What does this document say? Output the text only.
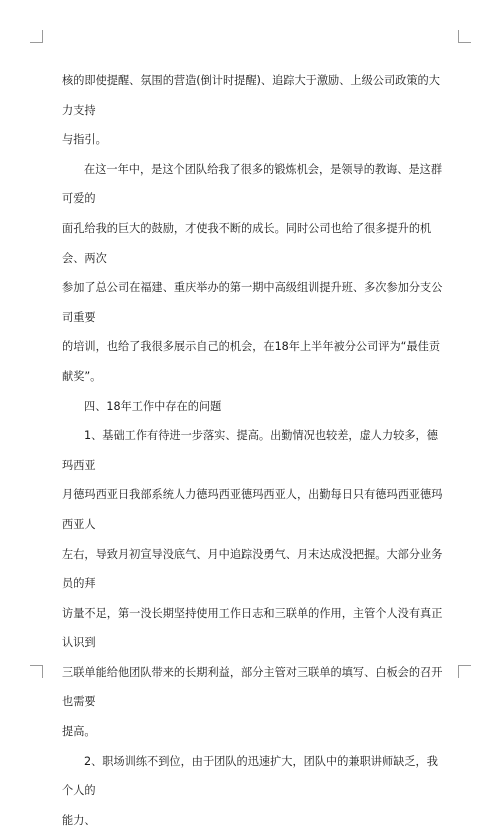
核的即使提醒、氛围的营造(倒计时提醒)、追踪大于激励、上级公司政策的大力支持

与指引。

在这一年中，是这个团队给我了很多的锻炼机会，是领导的教诲、是这群可爱的

面孔给我的巨大的鼓励，才使我不断的成长。同时公司也给了很多提升的机会、两次

参加了总公司在福建、重庆举办的第一期中高级组训提升班、多次参加分支公司重要

的培训，也给了我很多展示自己的机会，在18年上半年被分公司评为“最佳贡献奖”。

四、18年工作中存在的问题

1、基础工作有待进一步落实、提高。出勤情况也较差，虚人力较多，德玛西亚

月德玛西亚日我部系统人力德玛西亚德玛西亚人，出勤每日只有德玛西亚德玛西亚人

左右，导致月初宣导没底气、月中追踪没勇气、月末达成没把握。大部分业务员的拜

访量不足，第一没长期坚持使用工作日志和三联单的作用，主管个人没有真正认识到

三联单能给他团队带来的长期利益，部分主管对三联单的填写、白板会的召开也需要

提高。

2、职场训练不到位，由于团队的迅速扩大，团队中的兼职讲师缺乏，我个人的

能力、
